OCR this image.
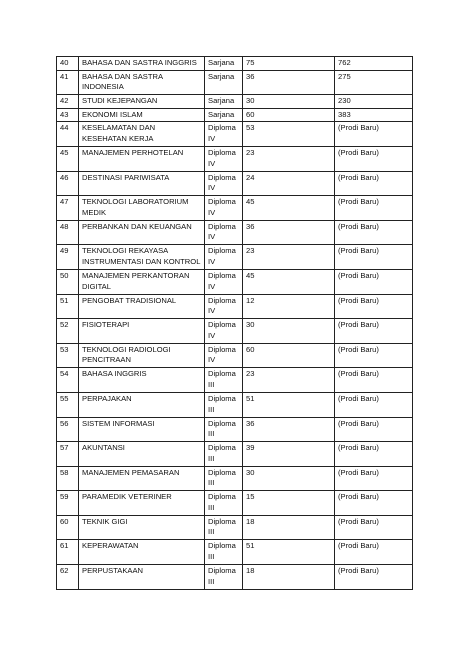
40	BAHASA DAN SASTRA INGGRIS	Sarjana	75	762
41	BAHASA DAN SASTRA INDONESIA	Sarjana	36	275
42	STUDI KEJEPANGAN	Sarjana	30	230
43	EKONOMI ISLAM	Sarjana	60	383
44	KESELAMATAN DAN KESEHATAN KERJA	Diploma IV	53	(Prodi Baru)
45	MANAJEMEN PERHOTELAN	Diploma IV	23	(Prodi Baru)
46	DESTINASI PARIWISATA	Diploma IV	24	(Prodi Baru)
47	TEKNOLOGI LABORATORIUM MEDIK	Diploma IV	45	(Prodi Baru)
48	PERBANKAN DAN KEUANGAN	Diploma IV	36	(Prodi Baru)
49	TEKNOLOGI REKAYASA INSTRUMENTASI DAN KONTROL	Diploma IV	23	(Prodi Baru)
50	MANAJEMEN PERKANTORAN DIGITAL	Diploma IV	45	(Prodi Baru)
51	PENGOBAT TRADISIONAL	Diploma IV	12	(Prodi Baru)
52	FISIOTERAPI	Diploma IV	30	(Prodi Baru)
53	TEKNOLOGI RADIOLOGI PENCITRAAN	Diploma IV	60	(Prodi Baru)
54	BAHASA INGGRIS	Diploma III	23	(Prodi Baru)
55	PERPAJAKAN	Diploma III	51	(Prodi Baru)
56	SISTEM INFORMASI	Diploma III	36	(Prodi Baru)
57	AKUNTANSI	Diploma III	39	(Prodi Baru)
58	MANAJEMEN PEMASARAN	Diploma III	30	(Prodi Baru)
59	PARAMEDIK VETERINER	Diploma III	15	(Prodi Baru)
60	TEKNIK GIGI	Diploma III	18	(Prodi Baru)
61	KEPERAWATAN	Diploma III	51	(Prodi Baru)
62	PERPUSTAKAAN	Diploma III	18	(Prodi Baru)
